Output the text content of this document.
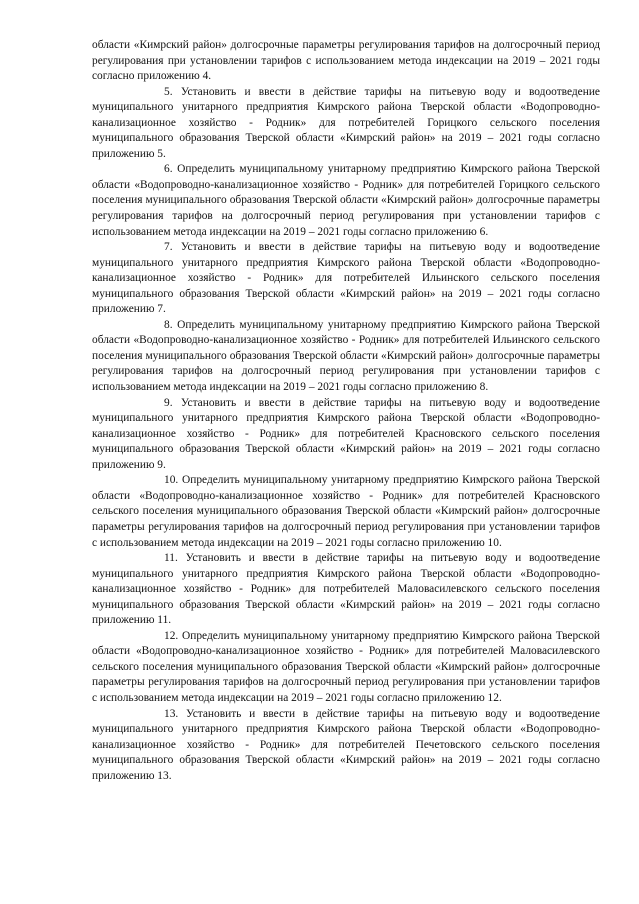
области «Кимрский район» долгосрочные параметры регулирования тарифов на долгосрочный период регулирования при установлении тарифов с использованием метода индексации на 2019 – 2021 годы согласно приложению 4.

5. Установить и ввести в действие тарифы на питьевую воду и водоотведение муниципального унитарного предприятия Кимрского района Тверской области «Водопроводно-канализационное хозяйство - Родник» для потребителей Горицкого сельского поселения муниципального образования Тверской области «Кимрский район» на 2019 – 2021 годы согласно приложению 5.

6. Определить муниципальному унитарному предприятию Кимрского района Тверской области «Водопроводно-канализационное хозяйство - Родник» для потребителей Горицкого сельского поселения муниципального образования Тверской области «Кимрский район» долгосрочные параметры регулирования тарифов на долгосрочный период регулирования при установлении тарифов с использованием метода индексации на 2019 – 2021 годы согласно приложению 6.

7. Установить и ввести в действие тарифы на питьевую воду и водоотведение муниципального унитарного предприятия Кимрского района Тверской области «Водопроводно-канализационное хозяйство - Родник» для потребителей Ильинского сельского поселения муниципального образования Тверской области «Кимрский район» на 2019 – 2021 годы согласно приложению 7.

8. Определить муниципальному унитарному предприятию Кимрского района Тверской области «Водопроводно-канализационное хозяйство - Родник» для потребителей Ильинского сельского поселения муниципального образования Тверской области «Кимрский район» долгосрочные параметры регулирования тарифов на долгосрочный период регулирования при установлении тарифов с использованием метода индексации на 2019 – 2021 годы согласно приложению 8.

9. Установить и ввести в действие тарифы на питьевую воду и водоотведение муниципального унитарного предприятия Кимрского района Тверской области «Водопроводно-канализационное хозяйство - Родник» для потребителей Красновского сельского поселения муниципального образования Тверской области «Кимрский район» на 2019 – 2021 годы согласно приложению 9.

10. Определить муниципальному унитарному предприятию Кимрского района Тверской области «Водопроводно-канализационное хозяйство - Родник» для потребителей Красновского сельского поселения муниципального образования Тверской области «Кимрский район» долгосрочные параметры регулирования тарифов на долгосрочный период регулирования при установлении тарифов с использованием метода индексации на 2019 – 2021 годы согласно приложению 10.

11. Установить и ввести в действие тарифы на питьевую воду и водоотведение муниципального унитарного предприятия Кимрского района Тверской области «Водопроводно-канализационное хозяйство - Родник» для потребителей Маловасилевского сельского поселения муниципального образования Тверской области «Кимрский район» на 2019 – 2021 годы согласно приложению 11.

12. Определить муниципальному унитарному предприятию Кимрского района Тверской области «Водопроводно-канализационное хозяйство - Родник» для потребителей Маловасилевского сельского поселения муниципального образования Тверской области «Кимрский район» долгосрочные параметры регулирования тарифов на долгосрочный период регулирования при установлении тарифов с использованием метода индексации на 2019 – 2021 годы согласно приложению 12.

13. Установить и ввести в действие тарифы на питьевую воду и водоотведение муниципального унитарного предприятия Кимрского района Тверской области «Водопроводно-канализационное хозяйство - Родник» для потребителей Печетовского сельского поселения муниципального образования Тверской области «Кимрский район» на 2019 – 2021 годы согласно приложению 13.
